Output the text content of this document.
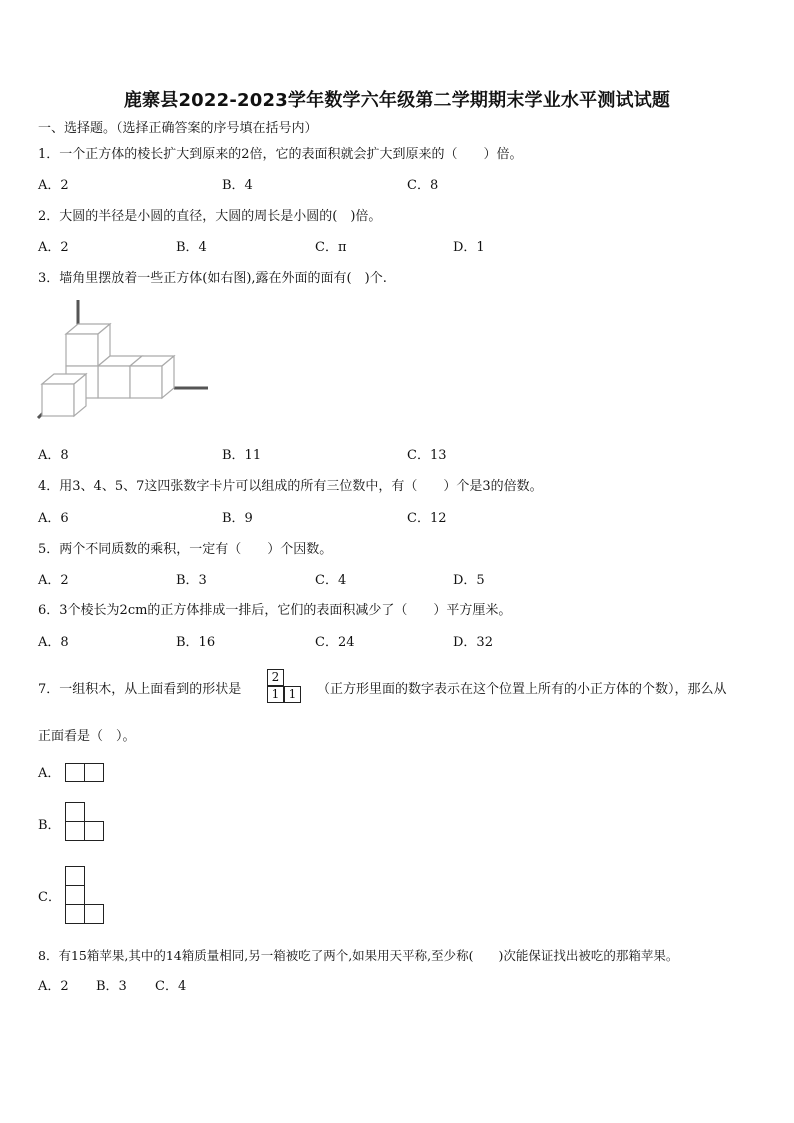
鹿寨县2022-2023学年数学六年级第二学期期末学业水平测试试题
一、选择题。（选择正确答案的序号填在括号内）
1．一个正方体的棱长扩大到原来的2倍，它的表面积就会扩大到原来的（　　）倍。
A．2	B．4	C．8
2．大圆的半径是小圆的直径，大圆的周长是小圆的(　)倍。
A．2	B．4	C．π	D．1
3．墙角里摆放着一些正方体(如右图),露在外面的面有(　)个.
A．8	B．11	C．13
4．用3、4、5、7这四张数字卡片可以组成的所有三位数中，有（　　）个是3的倍数。
A．6	B．9	C．12
5．两个不同质数的乘积，一定有（　　）个因数。
A．2	B．3	C．4	D．5
6．3个棱长为2cm的正方体排成一排后，它们的表面积减少了（　　）平方厘米。
A．8	B．16	C．24	D．32
7．一组积木，从上面看到的形状是
2
1 1	（正方形里面的数字表示在这个位置上所有的小正方体的个数），那么从
正面看是（　）。
A．
B．
C．
8．有15箱苹果,其中的14箱质量相同,另一箱被吃了两个,如果用天平称,至少称(　　)次能保证找出被吃的那箱苹果。
A．2 B．3 C．4
